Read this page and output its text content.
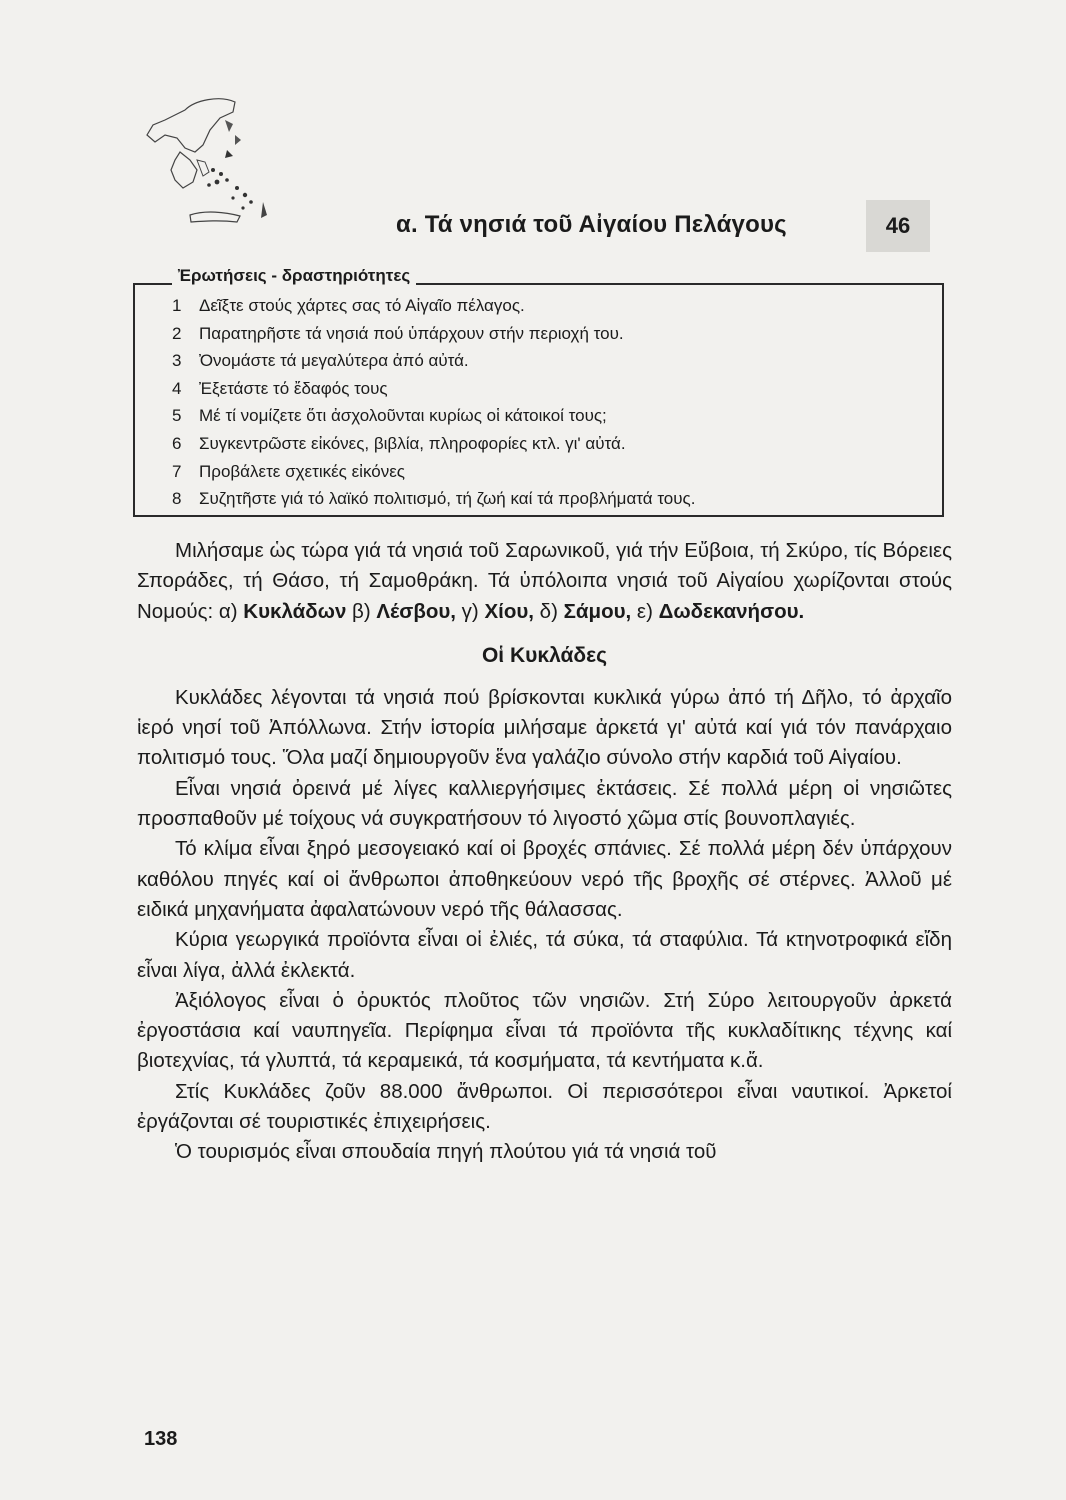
α. Τά νησιά τοῦ Αἰγαίου Πελάγους	46
Ἐρωτήσεις - δραστηριότητες
1 Δεῖξτε στούς χάρτες σας τό Αἰγαῖο πέλαγος.
2 Παρατηρῆστε τά νησιά πού ὑπάρχουν στήν περιοχή του.
3 Ὀνομάστε τά μεγαλύτερα ἀπό αὐτά.
4 Ἐξετάστε τό ἔδαφός τους
5 Μέ τί νομίζετε ὅτι ἀσχολοῦνται κυρίως οἱ κάτοικοί τους;
6 Συγκεντρῶστε εἰκόνες, βιβλία, πληροφορίες κτλ. γι' αὐτά.
7 Προβάλετε σχετικές εἰκόνες
8 Συζητῆστε γιά τό λαϊκό πολιτισμό, τή ζωή καί τά προβλήματά τους.

Μιλήσαμε ὡς τώρα γιά τά νησιά τοῦ Σαρωνικοῦ, γιά τήν Εὔβοια, τή Σκύρο, τίς Βόρειες Σποράδες, τή Θάσο, τή Σαμοθράκη. Τά ὑπόλοιπα νησιά τοῦ Αἰγαίου χωρίζονται στούς Νομούς: α) Κυκλάδων β) Λέσβου, γ) Χίου, δ) Σάμου, ε) Δωδεκανήσου.

Οἱ Κυκλάδες

Κυκλάδες λέγονται τά νησιά πού βρίσκονται κυκλικά γύρω ἀπό τή Δῆλο, τό ἀρχαῖο ἱερό νησί τοῦ Ἀπόλλωνα. Στήν ἱστορία μιλήσαμε ἀρκετά γι' αὐτά καί γιά τόν πανάρχαιο πολιτισμό τους. Ὅλα μαζί δημιουργοῦν ἕνα γαλάζιο σύνολο στήν καρδιά τοῦ Αἰγαίου.

Εἶναι νησιά ὀρεινά μέ λίγες καλλιεργήσιμες ἐκτάσεις. Σέ πολλά μέρη οἱ νησιῶτες προσπαθοῦν μέ τοίχους νά συγκρατήσουν τό λιγοστό χῶμα στίς βουνοπλαγιές.

Τό κλίμα εἶναι ξηρό μεσογειακό καί οἱ βροχές σπάνιες. Σέ πολλά μέρη δέν ὑπάρχουν καθόλου πηγές καί οἱ ἄνθρωποι ἀποθηκεύουν νερό τῆς βροχῆς σέ στέρνες. Ἀλλοῦ μέ ειδικά μηχανήματα ἀφαλατώνουν νερό τῆς θάλασσας.

Κύρια γεωργικά προϊόντα εἶναι οἱ ἐλιές, τά σύκα, τά σταφύλια. Τά κτηνοτροφικά εἴδη εἶναι λίγα, ἀλλά ἐκλεκτά.

Ἀξιόλογος εἶναι ὁ ὀρυκτός πλοῦτος τῶν νησιῶν. Στή Σύρο λειτουργοῦν ἀρκετά ἐργοστάσια καί ναυπηγεῖα. Περίφημα εἶναι τά προϊόντα τῆς κυκλαδίτικης τέχνης καί βιοτεχνίας, τά γλυπτά, τά κεραμεικά, τά κοσμήματα, τά κεντήματα κ.ἄ.

Στίς Κυκλάδες ζοῦν 88.000 ἄνθρωποι. Οἱ περισσότεροι εἶναι ναυτικοί. Ἀρκετοί ἐργάζονται σέ τουριστικές ἐπιχειρήσεις.

Ὁ τουρισμός εἶναι σπουδαία πηγή πλούτου γιά τά νησιά τοῦ

138
